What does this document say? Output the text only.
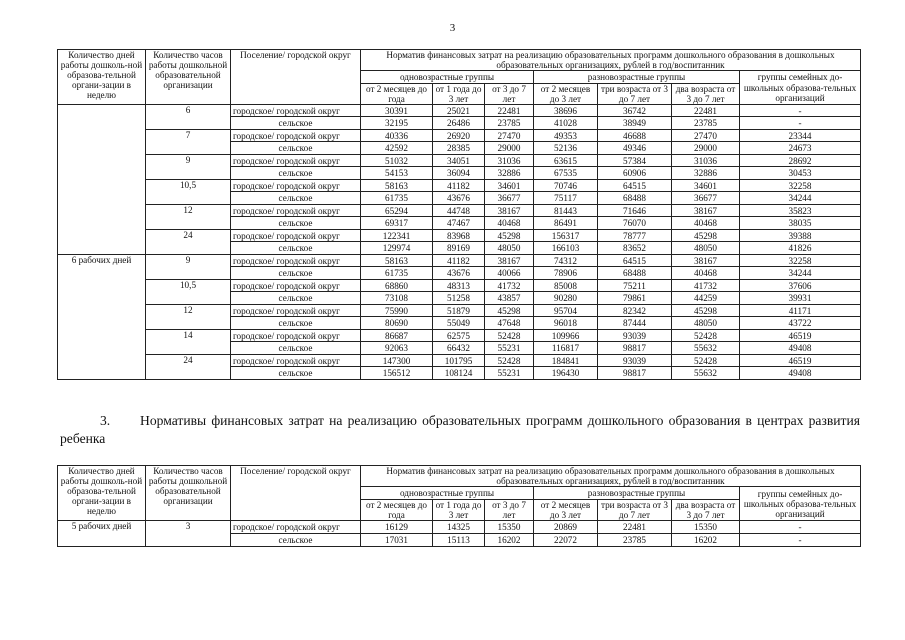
3
Количество дней работы дошколь-ной образова-тельной органи-зации в неделю	Количество часов работы дошкольной образовательной организации	Поселение/ городской округ	Норматив финансовых затрат на реализацию образовательных программ дошкольного образования в дошкольных образовательных организациях, рублей в год/воспитанник						
			одновозрастные группы			разновозрастные группы			группы семейных до-школьных образова-тельных организаций
			от 2 месяцев до года	от 1 года до 3 лет	от 3 до 7 лет	от 2 месяцев до 3 лет	три возраста от 3 до 7 лет	два возраста от 3 до 7 лет	
	6	городское/ городской округ	30391	25021	22481	38696	36742	22481	-
		сельское	32195	26486	23785	41028	38949	23785	-
	7	городское/ городской округ	40336	26920	27470	49353	46688	27470	23344
		сельское	42592	28385	29000	52136	49346	29000	24673
	9	городское/ городской округ	51032	34051	31036	63615	57384	31036	28692
		сельское	54153	36094	32886	67535	60906	32886	30453
	10,5	городское/ городской округ	58163	41182	34601	70746	64515	34601	32258
		сельское	61735	43676	36677	75117	68488	36677	34244
	12	городское/ городской округ	65294	44748	38167	81443	71646	38167	35823
		сельское	69317	47467	40468	86491	76070	40468	38035
	24	городское/ городской округ	122341	83968	45298	156317	78777	45298	39388
		сельское	129974	89169	48050	166103	83652	48050	41826
6 рабочих дней	9	городское/ городской округ	58163	41182	38167	74312	64515	38167	32258
		сельское	61735	43676	40066	78906	68488	40468	34244
	10,5	городское/ городской округ	68860	48313	41732	85008	75211	41732	37606
		сельское	73108	51258	43857	90280	79861	44259	39931
	12	городское/ городской округ	75990	51879	45298	95704	82342	45298	41171
		сельское	80690	55049	47648	96018	87444	48050	43722
	14	городское/ городской округ	86687	62575	52428	109966	93039	52428	46519
		сельское	92063	66432	55231	116817	98817	55632	49408
	24	городское/ городской округ	147300	101795	52428	184841	93039	52428	46519
		сельское	156512	108124	55231	196430	98817	55632	49408
3. Нормативы финансовых затрат на реализацию образовательных программ дошкольного образования в центрах развития ребенка
Количество дней работы дошколь-ной образова-тельной органи-зации в неделю	Количество часов работы дошкольной образовательной организации	Поселение/ городской округ	Норматив финансовых затрат на реализацию образовательных программ дошкольного образования в дошкольных образовательных организациях, рублей в год/воспитанник						
			одновозрастные группы			разновозрастные группы			группы семейных до-школьных образова-тельных организаций
			от 2 месяцев до года	от 1 года до 3 лет	от 3 до 7 лет	от 2 месяцев до 3 лет	три возраста от 3 до 7 лет	два возраста от 3 до 7 лет	
5 рабочих дней	3	городское/ городской округ	16129	14325	15350	20869	22481	15350	-
		сельское	17031	15113	16202	22072	23785	16202	-
